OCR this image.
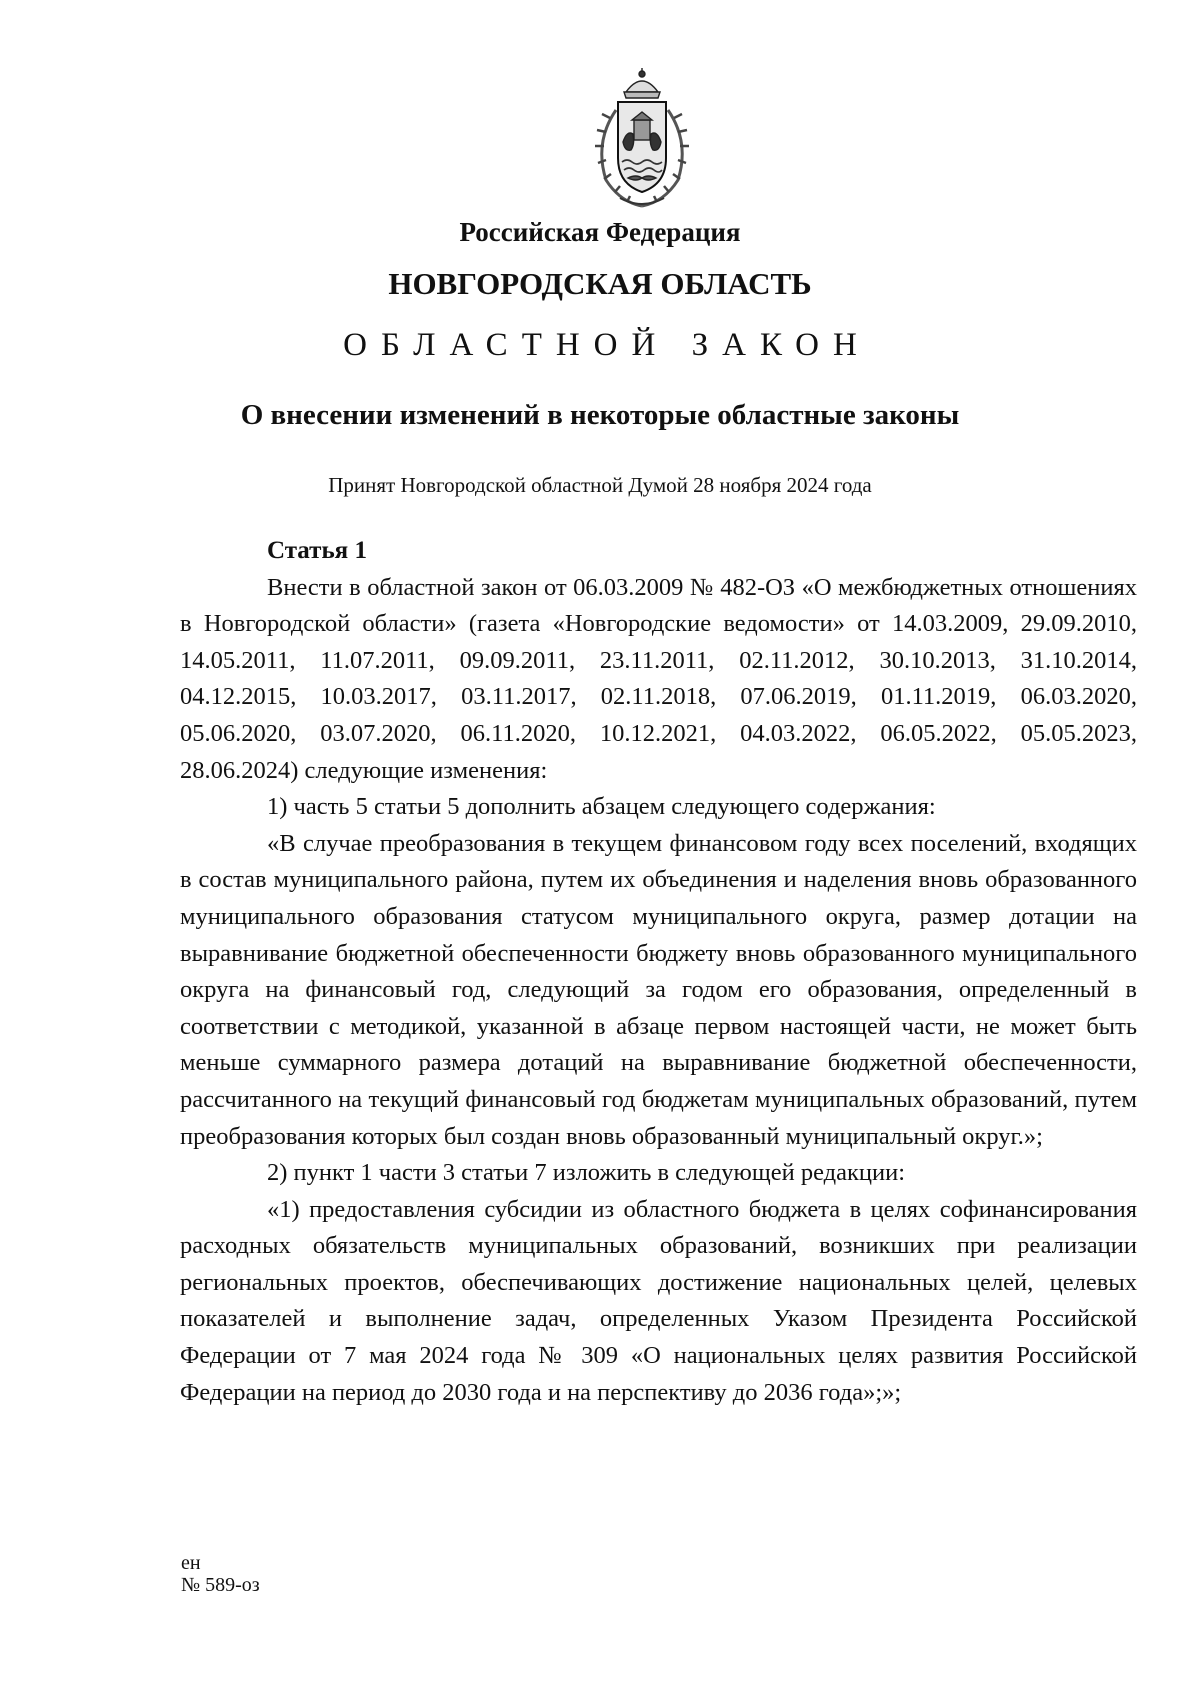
Российская Федерация
НОВГОРОДСКАЯ ОБЛАСТЬ
ОБЛАСТНОЙ ЗАКОН
О внесении изменений в некоторые областные законы
Принят Новгородской областной Думой 28 ноября 2024 года

Статья 1

Внести в областной закон от 06.03.2009 № 482-ОЗ «О межбюджетных отношениях в Новгородской области» (газета «Новгородские ведомости» от 14.03.2009, 29.09.2010, 14.05.2011, 11.07.2011, 09.09.2011, 23.11.2011, 02.11.2012, 30.10.2013, 31.10.2014, 04.12.2015, 10.03.2017, 03.11.2017, 02.11.2018, 07.06.2019, 01.11.2019, 06.03.2020, 05.06.2020, 03.07.2020, 06.11.2020, 10.12.2021, 04.03.2022, 06.05.2022, 05.05.2023, 28.06.2024) следующие изменения:

1) часть 5 статьи 5 дополнить абзацем следующего содержания:

«В случае преобразования в текущем финансовом году всех поселений, входящих в состав муниципального района, путем их объединения и наделения вновь образованного муниципального образования статусом муниципального округа, размер дотации на выравнивание бюджетной обеспеченности бюджету вновь образованного муниципального округа на финансовый год, следующий за годом его образования, определенный в соответствии с методикой, указанной в абзаце первом настоящей части, не может быть меньше суммарного размера дотаций на выравнивание бюджетной обеспеченности, рассчитанного на текущий финансовый год бюджетам муниципальных образований, путем преобразования которых был создан вновь образованный муниципальный округ.»;

2) пункт 1 части 3 статьи 7 изложить в следующей редакции:

«1) предоставления субсидии из областного бюджета в целях софинансирования расходных обязательств муниципальных образований, возникших при реализации региональных проектов, обеспечивающих достижение национальных целей, целевых показателей и выполнение задач, определенных Указом Президента Российской Федерации от 7 мая 2024 года № 309 «О национальных целях развития Российской Федерации на период до 2030 года и на перспективу до 2036 года»;»;

ен
№ 589-оз
